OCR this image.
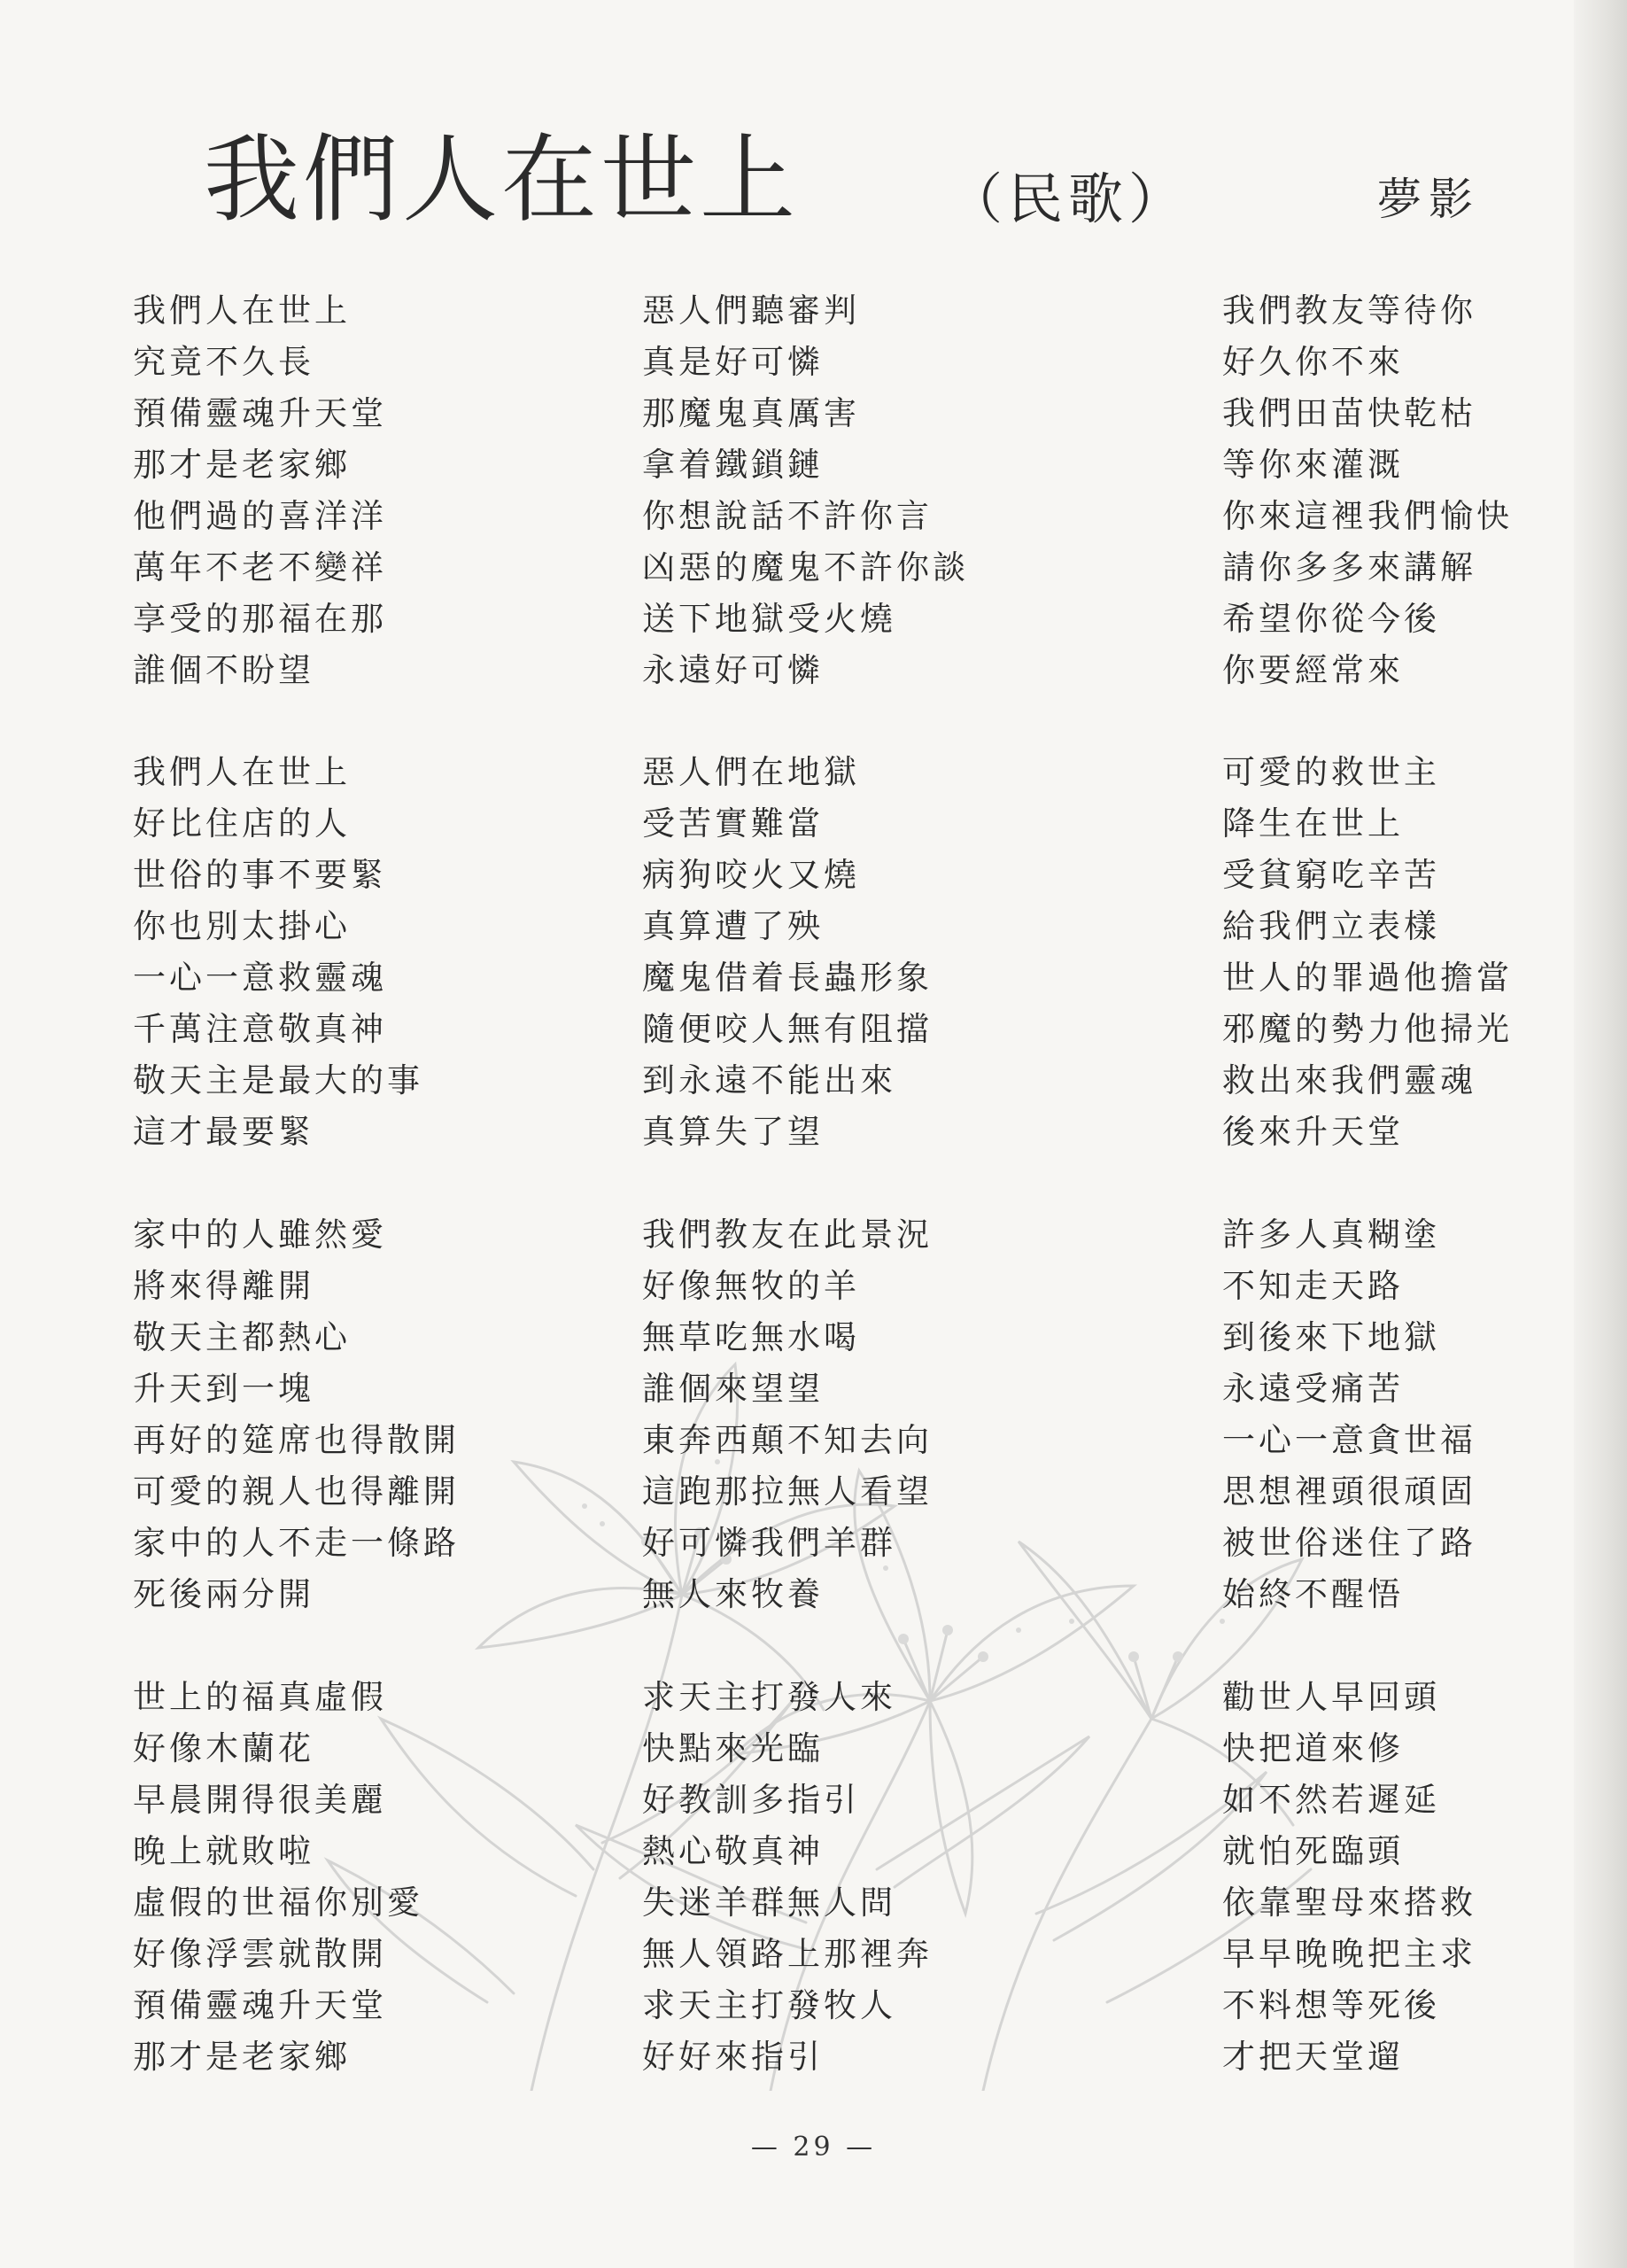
我們人在世上	（民歌）	夢影
我們人在世上
究竟不久長
預備靈魂升天堂
那才是老家鄉
他們過的喜洋洋
萬年不老不變祥
享受的那福在那
誰個不盼望
我們人在世上
好比住店的人
世俗的事不要緊
你也別太掛心
一心一意救靈魂
千萬注意敬真神
敬天主是最大的事
這才最要緊
家中的人雖然愛
將來得離開
敬天主都熱心
升天到一塊
再好的筵席也得散開
可愛的親人也得離開
家中的人不走一條路
死後兩分開
世上的福真虛假
好像木蘭花
早晨開得很美麗
晚上就敗啦
虛假的世福你別愛
好像浮雲就散開
預備靈魂升天堂
那才是老家鄉
惡人們聽審判
真是好可憐
那魔鬼真厲害
拿着鐵鎖鏈
你想說話不許你言
凶惡的魔鬼不許你談
送下地獄受火燒
永遠好可憐
惡人們在地獄
受苦實難當
病狗咬火又燒
真算遭了殃
魔鬼借着長蟲形象
隨便咬人無有阻擋
到永遠不能出來
真算失了望
我們教友在此景況
好像無牧的羊
無草吃無水喝
誰個來望望
東奔西顛不知去向
這跑那拉無人看望
好可憐我們羊群
無人來牧養
求天主打發人來
快點來光臨
好教訓多指引
熱心敬真神
失迷羊群無人問
無人領路上那裡奔
求天主打發牧人
好好來指引
我們教友等待你
好久你不來
我們田苗快乾枯
等你來灌溉
你來這裡我們愉快
請你多多來講解
希望你從今後
你要經常來
可愛的救世主
降生在世上
受貧窮吃辛苦
給我們立表樣
世人的罪過他擔當
邪魔的勢力他掃光
救出來我們靈魂
後來升天堂
許多人真糊塗
不知走天路
到後來下地獄
永遠受痛苦
一心一意貪世福
思想裡頭很頑固
被世俗迷住了路
始終不醒悟
勸世人早回頭
快把道來修
如不然若遲延
就怕死臨頭
依靠聖母來搭救
早早晚晚把主求
不料想等死後
才把天堂遛
— 29 —
